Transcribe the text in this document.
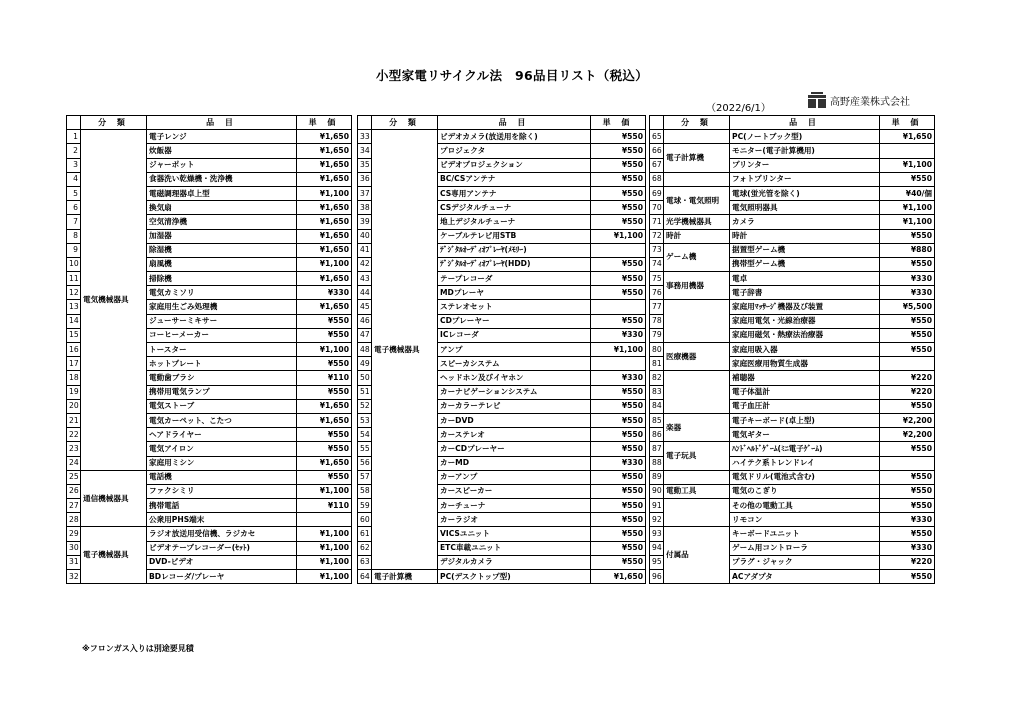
小型家電リサイクル法　96品目リスト（税込）
（2022/6/1）
高野産業株式会社
	分 類	品 目	単 価
1	電気機械器具	電子レンジ	¥1,650
2		炊飯器	¥1,650
3		ジャーポット	¥1,650
4		食器洗い乾燥機・洗浄機	¥1,650
5		電磁調理器卓上型	¥1,100
6		換気扇	¥1,650
7		空気清浄機	¥1,650
8		加湿器	¥1,650
9		除湿機	¥1,650
10		扇風機	¥1,100
11		掃除機	¥1,650
12		電気カミソリ	¥330
13		家庭用生ごみ処理機	¥1,650
14		ジューサーミキサー	¥550
15		コーヒーメーカー	¥550
16		トースター	¥1,100
17		ホットプレート	¥550
18		電動歯ブラシ	¥110
19		携帯用電気ランプ	¥550
20		電気ストーブ	¥1,650
21		電気カーペット、こたつ	¥1,650
22		ヘアドライヤー	¥550
23		電気アイロン	¥550
24		家庭用ミシン	¥1,650
25	通信機械器具	電話機	¥550
26		ファクシミリ	¥1,100
27		携帯電話	¥110
28		公衆用PHS端末	
29	電子機械器具	ラジオ放送用受信機、ラジカセ	¥1,100
30		ビデオテープレコーダー(ｾｯﾄ)	¥1,100
31		DVD-ビデオ	¥1,100
32		BDレコーダ/プレーヤ	¥1,100
	分 類	品 目	単 価
33	電子機械器具	ビデオカメラ(放送用を除く)	¥550
34		プロジェクタ	¥550
35		ビデオプロジェクション	¥550
36		BC/CSアンテナ	¥550
37		CS専用アンテナ	¥550
38		CSデジタルチューナ	¥550
39		地上デジタルチューナ	¥550
40		ケーブルテレビ用STB	¥1,100
41		ﾃﾞｼﾞﾀﾙｵｰﾃﾞｨｵﾌﾟﾚｰﾔ(ﾒﾓﾘｰ)	
42		ﾃﾞｼﾞﾀﾙｵｰﾃﾞｨｵﾌﾟﾚｰﾔ(HDD)	¥550
43		テープレコーダ	¥550
44		MDプレーヤ	¥550
45		ステレオセット	
46		CDプレーヤー	¥550
47		ICレコーダ	¥330
48		アンプ	¥1,100
49		スピーカシステム	
50		ヘッドホン及びイヤホン	¥330
51		カーナビゲーションシステム	¥550
52		カーカラーテレビ	¥550
53		カーDVD	¥550
54		カーステレオ	¥550
55		カーCDプレーヤー	¥550
56		カーMD	¥330
57		カーアンプ	¥550
58		カースピーカー	¥550
59		カーチューナ	¥550
60		カーラジオ	¥550
61		VICSユニット	¥550
62		ETC車載ユニット	¥550
63		デジタルカメラ	¥550
64	電子計算機	PC(デスクトップ型)	¥1,650
	分 類	品 目	単 価
65		PC(ノートブック型)	¥1,650
66	電子計算機	モニター(電子計算機用)	
67		プリンター	¥1,100
68		フォトプリンター	¥550
69	電球・電気照明	電球(蛍光管を除く)	¥40/個
70		電気照明器具	¥1,100
71	光学機械器具	カメラ	¥1,100
72	時計	時計	¥550
73	ゲーム機	据置型ゲーム機	¥880
74		携帯型ゲーム機	¥550
75	事務用機器	電卓	¥330
76		電子辞書	¥330
77		家庭用ﾏｯｻｰｼﾞ機器及び装置	¥5,500
78		家庭用電気・光線治療器	¥550
79		家庭用磁気・熱療法治療器	¥550
80	医療機器	家庭用吸入器	¥550
81		家庭医療用物質生成器	
82		補聴器	¥220
83		電子体温計	¥220
84		電子血圧計	¥550
85	楽器	電子キーボード(卓上型)	¥2,200
86		電気ギター	¥2,200
87	電子玩具	ﾊﾝﾄﾞﾍﾙﾄﾞｹﾞｰﾑ(ﾐﾆ電子ｹﾞｰﾑ)	¥550
88		ハイテク系トレンドレイ	
89		電気ドリル(電池式含む)	¥550
90	電動工具	電気のこぎり	¥550
91		その他の電動工具	¥550
92		リモコン	¥330
93	付属品	キーボードユニット	¥550
94		ゲーム用コントローラ	¥330
95		プラグ・ジャック	¥220
96		ACアダプタ	¥550
※フロンガス入りは別途要見積
